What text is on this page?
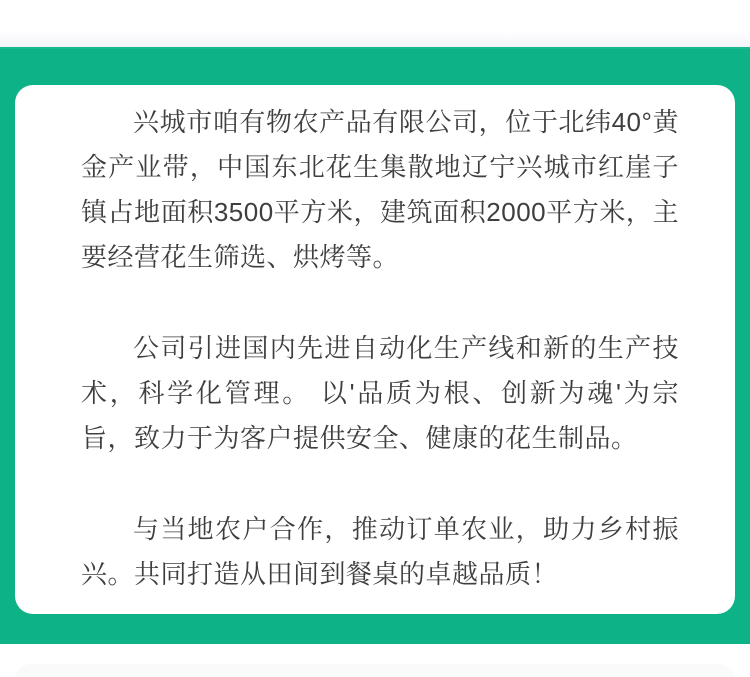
兴城市咱有物农产品有限公司，位于北纬40°黄金产业带，中国东北花生集散地辽宁兴城市红崖子镇占地面积3500平方米，建筑面积2000平方米，主要经营花生筛选、烘烤等。

公司引进国内先进自动化生产线和新的生产技术，科学化管理。 以'品质为根、创新为魂'为宗旨，致力于为客户提供安全、健康的花生制品。

与当地农户合作，推动订单农业，助力乡村振兴。共同打造从田间到餐桌的卓越品质！
